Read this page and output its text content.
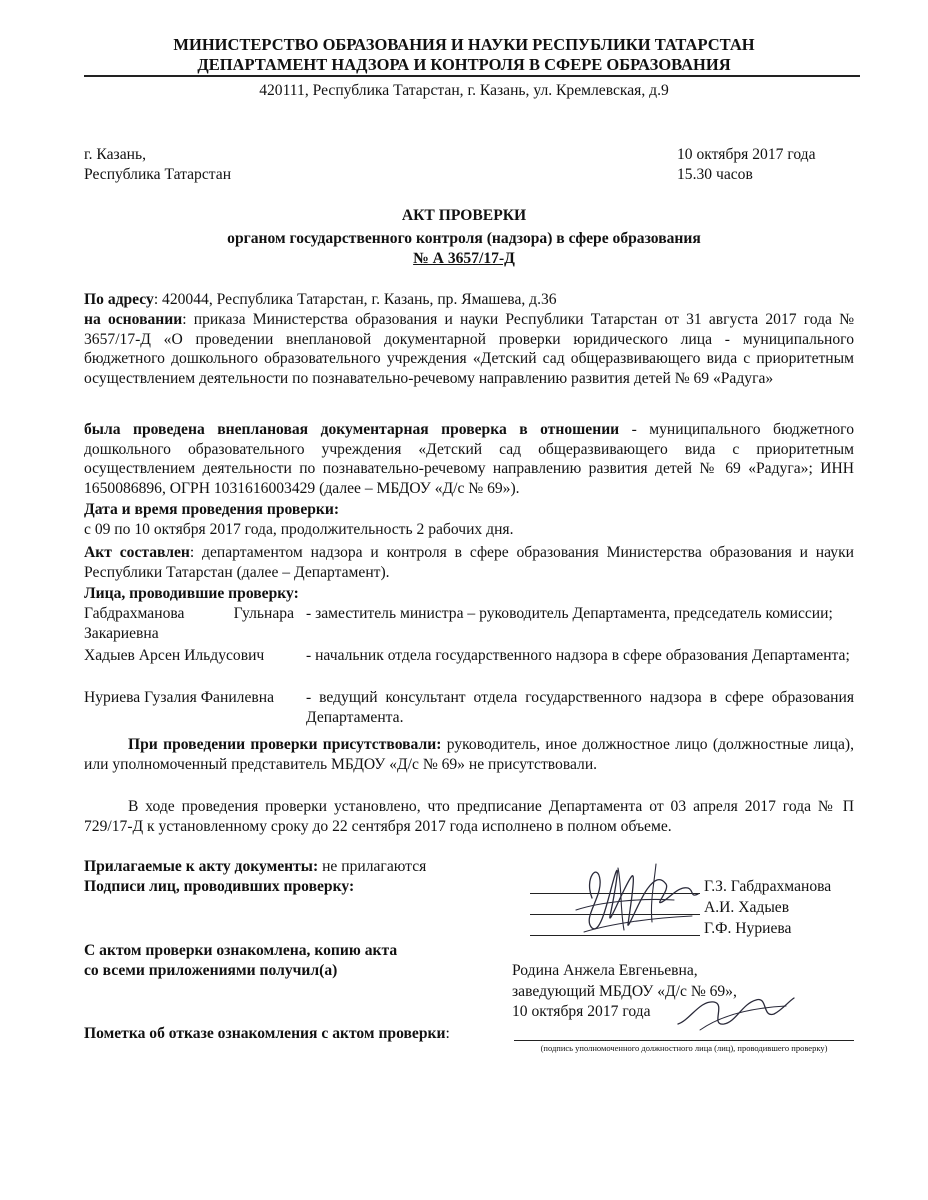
МИНИСТЕРСТВО ОБРАЗОВАНИЯ И НАУКИ РЕСПУБЛИКИ ТАТАРСТАН
ДЕПАРТАМЕНТ НАДЗОРА И КОНТРОЛЯ В СФЕРЕ ОБРАЗОВАНИЯ
420111, Республика Татарстан, г. Казань, ул. Кремлевская, д.9
г. Казань,
Республика Татарстан
10 октября 2017 года
15.30 часов
АКТ ПРОВЕРКИ
органом государственного контроля (надзора) в сфере образования
№ А 3657/17-Д
По адресу: 420044, Республика Татарстан, г. Казань, пр. Ямашева, д.36
на основании: приказа Министерства образования и науки Республики Татарстан от 31 августа 2017 года № 3657/17-Д «О проведении внеплановой документарной проверки юридического лица - муниципального бюджетного дошкольного образовательного учреждения «Детский сад общеразвивающего вида с приоритетным осуществлением деятельности по познавательно-речевому направлению развития детей № 69 «Радуга»
была проведена внеплановая документарная проверка в отношении - муниципального бюджетного дошкольного образовательного учреждения «Детский сад общеразвивающего вида с приоритетным осуществлением деятельности по познавательно-речевому направлению развития детей № 69 «Радуга»; ИНН 1650086896, ОГРН 1031616003429 (далее – МБДОУ «Д/с № 69»).
Дата и время проведения проверки:
с 09 по 10 октября 2017 года, продолжительность 2 рабочих дня.
Акт составлен: департаментом надзора и контроля в сфере образования Министерства образования и науки Республики Татарстан (далее – Департамент).
Лица, проводившие проверку:
Габдрахманова Гульнара Закариевна
- заместитель министра – руководитель Департамента, председатель комиссии;
Хадыев Арсен Ильдусович	- начальник отдела государственного надзора в сфере образования Департамента;
Нуриева Гузалия Фанилевна - ведущий консультант отдела государственного надзора в сфере образования Департамента.
При проведении проверки присутствовали: руководитель, иное должностное лицо (должностные лица), или уполномоченный представитель МБДОУ «Д/с № 69» не присутствовали.
В ходе проведения проверки установлено, что предписание Департамента от 03 апреля 2017 года № П 729/17-Д к установленному сроку до 22 сентября 2017 года исполнено в полном объеме.
Прилагаемые к акту документы: не прилагаются
Подписи лиц, проводивших проверку:	Г.З. Габдрахманова
А.И. Хадыев
Г.Ф. Нуриева
С актом проверки ознакомлена, копию акта
со всеми приложениями получил(а)	Родина Анжела Евгеньевна,
заведующий МБДОУ «Д/с № 69»,
10 октября 2017 года
Пометка об отказе ознакомления с актом проверки:
(подпись уполномоченного должностного лица (лиц), проводившего проверку)
